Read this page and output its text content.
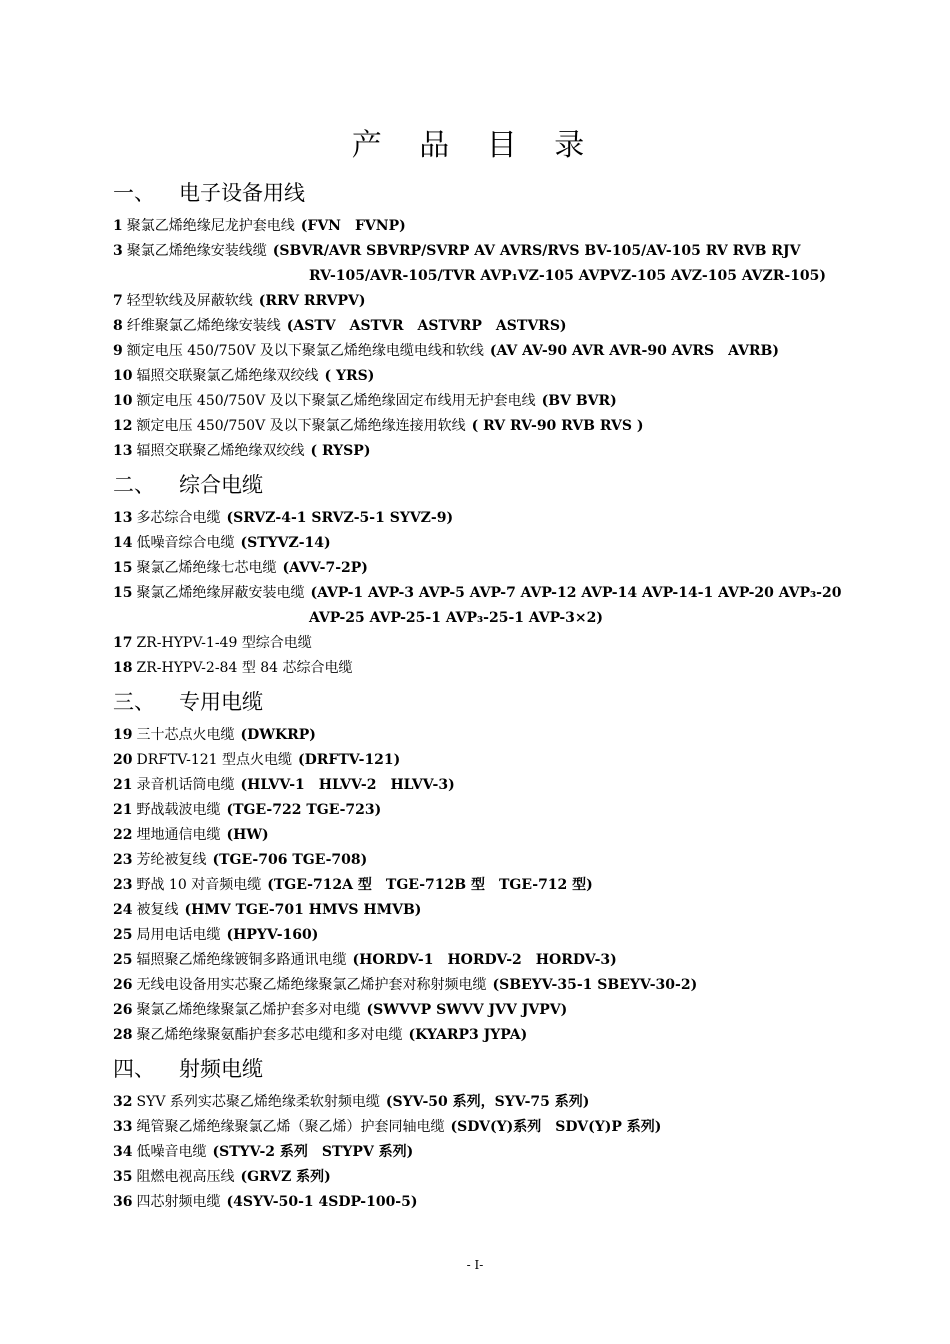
产 品 目 录
一、 电子设备用线
1 聚氯乙烯绝缘尼龙护套电线 (FVN　FVNP)
3 聚氯乙烯绝缘安装线缆 (SBVR/AVR SBVRP/SVRP AV AVRS/RVS BV-105/AV-105 RV RVB RJV
RV-105/AVR-105/TVR AVP₁VZ-105 AVPVZ-105 AVZ-105 AVZR-105)
7 轻型软线及屏蔽软线 (RRV RRVPV)
8 纤维聚氯乙烯绝缘安装线 (ASTV　ASTVR　ASTVRP　ASTVRS)
9 额定电压 450/750V 及以下聚氯乙烯绝缘电缆电线和软线 (AV AV-90 AVR AVR-90 AVRS　AVRB)
10 辐照交联聚氯乙烯绝缘双绞线 ( YRS)
10 额定电压 450/750V 及以下聚氯乙烯绝缘固定布线用无护套电线 (BV BVR)
12 额定电压 450/750V 及以下聚氯乙烯绝缘连接用软线 ( RV RV-90 RVB RVS )
13 辐照交联聚乙烯绝缘双绞线 ( RYSP)
二、 综合电缆
13 多芯综合电缆 (SRVZ-4-1 SRVZ-5-1 SYVZ-9)
14 低噪音综合电缆 (STYVZ-14)
15 聚氯乙烯绝缘七芯电缆 (AVV-7-2P)
15 聚氯乙烯绝缘屏蔽安装电缆 (AVP-1 AVP-3 AVP-5 AVP-7 AVP-12 AVP-14 AVP-14-1 AVP-20 AVP₃-20
AVP-25 AVP-25-1 AVP₃-25-1 AVP-3×2)
17 ZR-HYPV-1-49 型综合电缆
18 ZR-HYPV-2-84 型 84 芯综合电缆
三、 专用电缆
19 三十芯点火电缆 (DWKRP)
20 DRFTV-121 型点火电缆 (DRFTV-121)
21 录音机话筒电缆 (HLVV-1　HLVV-2　HLVV-3)
21 野战载波电缆 (TGE-722 TGE-723)
22 埋地通信电缆 (HW)
23 芳纶被复线 (TGE-706 TGE-708)
23 野战 10 对音频电缆 (TGE-712A 型　TGE-712B 型　TGE-712 型)
24 被复线 (HMV TGE-701 HMVS HMVB)
25 局用电话电缆 (HPYV-160)
25 辐照聚乙烯绝缘镀铜多路通讯电缆 (HORDV-1　HORDV-2　HORDV-3)
26 无线电设备用实芯聚乙烯绝缘聚氯乙烯护套对称射频电缆 (SBEYV-35-1 SBEYV-30-2)
26 聚氯乙烯绝缘聚氯乙烯护套多对电缆 (SWVVP SWVV JVV JVPV)
28 聚乙烯绝缘聚氨酯护套多芯电缆和多对电缆 (KYARP3 JYPA)
四、 射频电缆
32 SYV 系列实芯聚乙烯绝缘柔软射频电缆 (SYV-50 系列，SYV-75 系列)
33 绳管聚乙烯绝缘聚氯乙烯（聚乙烯）护套同轴电缆 (SDV(Y)系列　SDV(Y)P 系列)
34 低噪音电缆 (STYV-2 系列　STYPV 系列)
35 阻燃电视高压线 (GRVZ 系列)
36 四芯射频电缆 (4SYV-50-1 4SDP-100-5)
- I-
